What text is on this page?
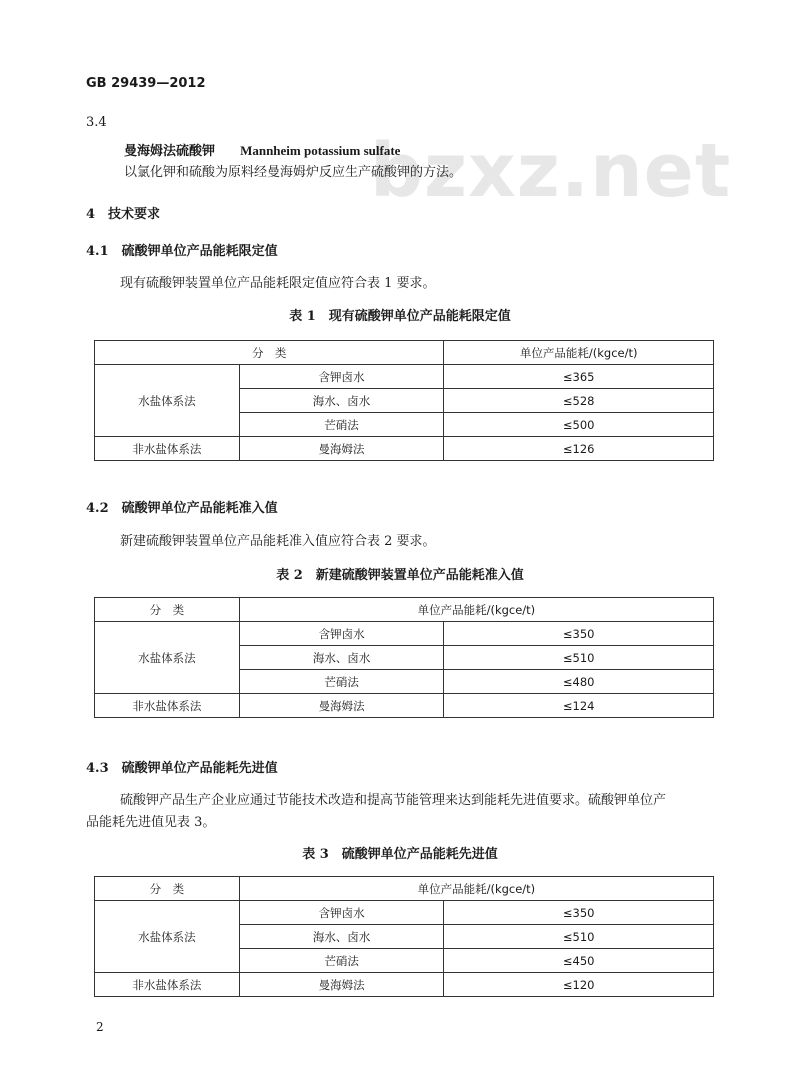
GB 29439—2012
bzxz.net
3.4
曼海姆法硫酸钾 Mannheim potassium sulfate
以氯化钾和硫酸为原料经曼海姆炉反应生产硫酸钾的方法。
4　技术要求
4.1　硫酸钾单位产品能耗限定值
现有硫酸钾装置单位产品能耗限定值应符合表 1 要求。
表 1　现有硫酸钾单位产品能耗限定值
分　类		单位产品能耗/(kgce/t)
水盐体系法	含钾卤水	≤365
	海水、卤水	≤528
	芒硝法	≤500
非水盐体系法	曼海姆法	≤126
4.2　硫酸钾单位产品能耗准入值
新建硫酸钾装置单位产品能耗准入值应符合表 2 要求。
表 2　新建硫酸钾装置单位产品能耗准入值
分　类	单位产品能耗/(kgce/t)	
水盐体系法	含钾卤水	≤350
	海水、卤水	≤510
	芒硝法	≤480
非水盐体系法	曼海姆法	≤124
4.3　硫酸钾单位产品能耗先进值
硫酸钾产品生产企业应通过节能技术改造和提高节能管理来达到能耗先进值要求。硫酸钾单位产
品能耗先进值见表 3。
表 3　硫酸钾单位产品能耗先进值
分　类	单位产品能耗/(kgce/t)	
水盐体系法	含钾卤水	≤350
	海水、卤水	≤510
	芒硝法	≤450
非水盐体系法	曼海姆法	≤120
2
